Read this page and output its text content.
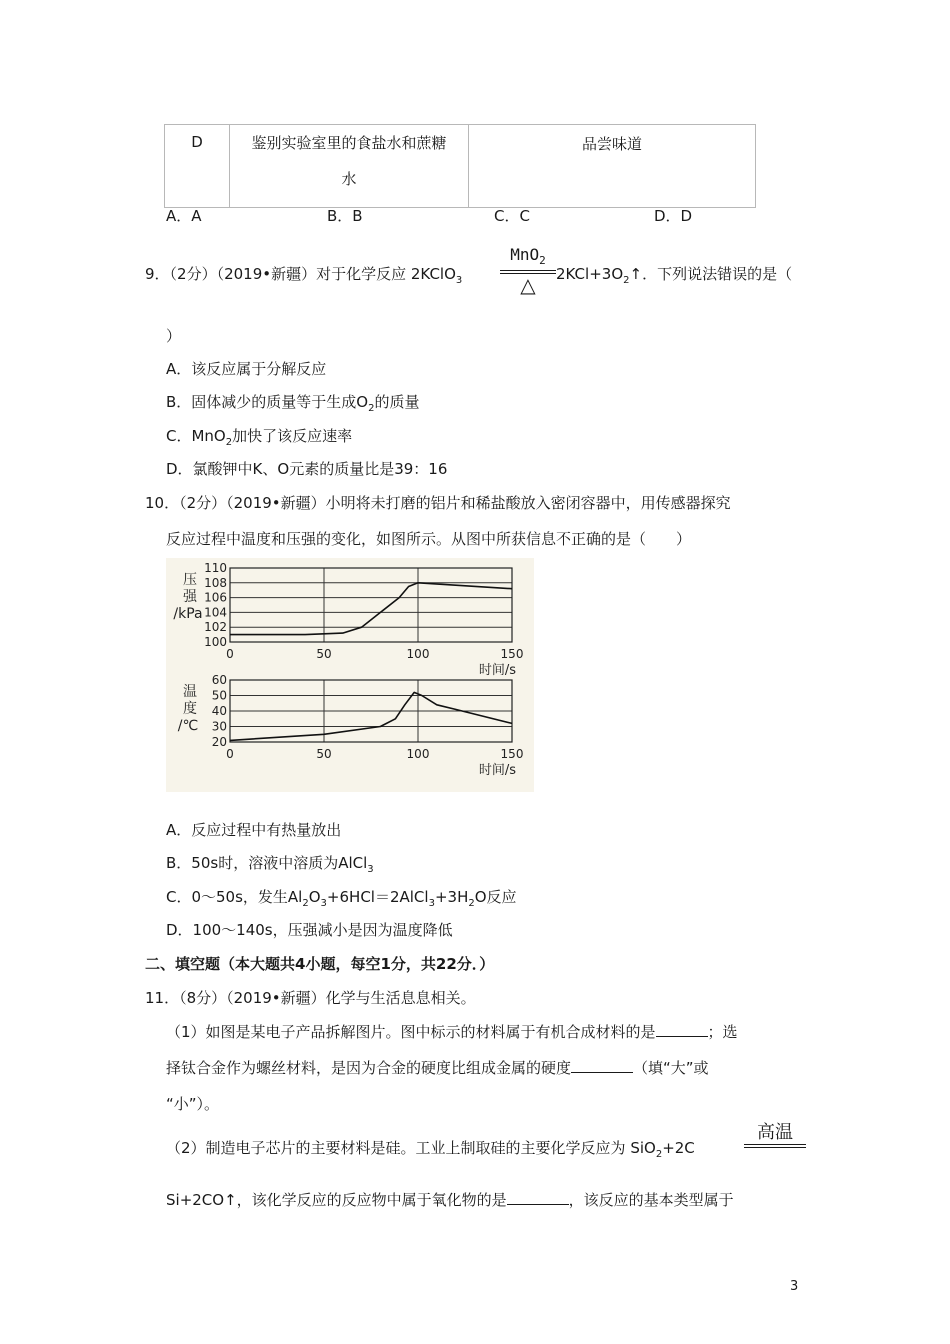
D	鉴别实验室里的食盐水和蔗糖
水
	品尝味道
A．A	B．B	C．C	D．D
9．（2分）（2019•新疆）对于化学反应 2KClO$_3$
MnO$_2$
△	$2KCl+3O_2↑$．下列说法错误的是（
）
A．该反应属于分解反应
B．固体减少的质量等于生成$O_2$的质量
C．MnO$_2$加快了该反应速率
D．氯酸钾中K、O元素的质量比是39：16
10．（2分）（2019•新疆）小明将未打磨的铝片和稀盐酸放入密闭容器中，用传感器探究
反应过程中温度和压强的变化，如图所示。从图中所获信息不正确的是（　　）
100
102
104
106
108
110
0	50	100	150
压
强
/kPa
时间/s
20
30
40
50
60
0	50	100	150
温
度
/℃
时间/s
A．反应过程中有热量放出
B．50s时，溶液中溶质为AlCl$_3$
C．0～50s，发生$Al_2O_3+6HCl=2AlCl_3+3H_2O$反应
D．100～140s，压强减小是因为温度降低
二、填空题（本大题共4小题，每空1分，共22分．）
11．（8分）（2019•新疆）化学与生活息息相关。
（1）如图是某电子产品拆解图片。图中标示的材料属于有机合成材料的是	；选
择钛合金作为螺丝材料，是因为合金的硬度比组成金属的硬度	（填“大”或
“小”）。
（2）制造电子芯片的主要材料是硅。工业上制取硅的主要化学反应为 SiO$_2$+2C
高温
Si+2CO↑，该化学反应的反应物中属于氧化物的是	，该反应的基本类型属于
3
